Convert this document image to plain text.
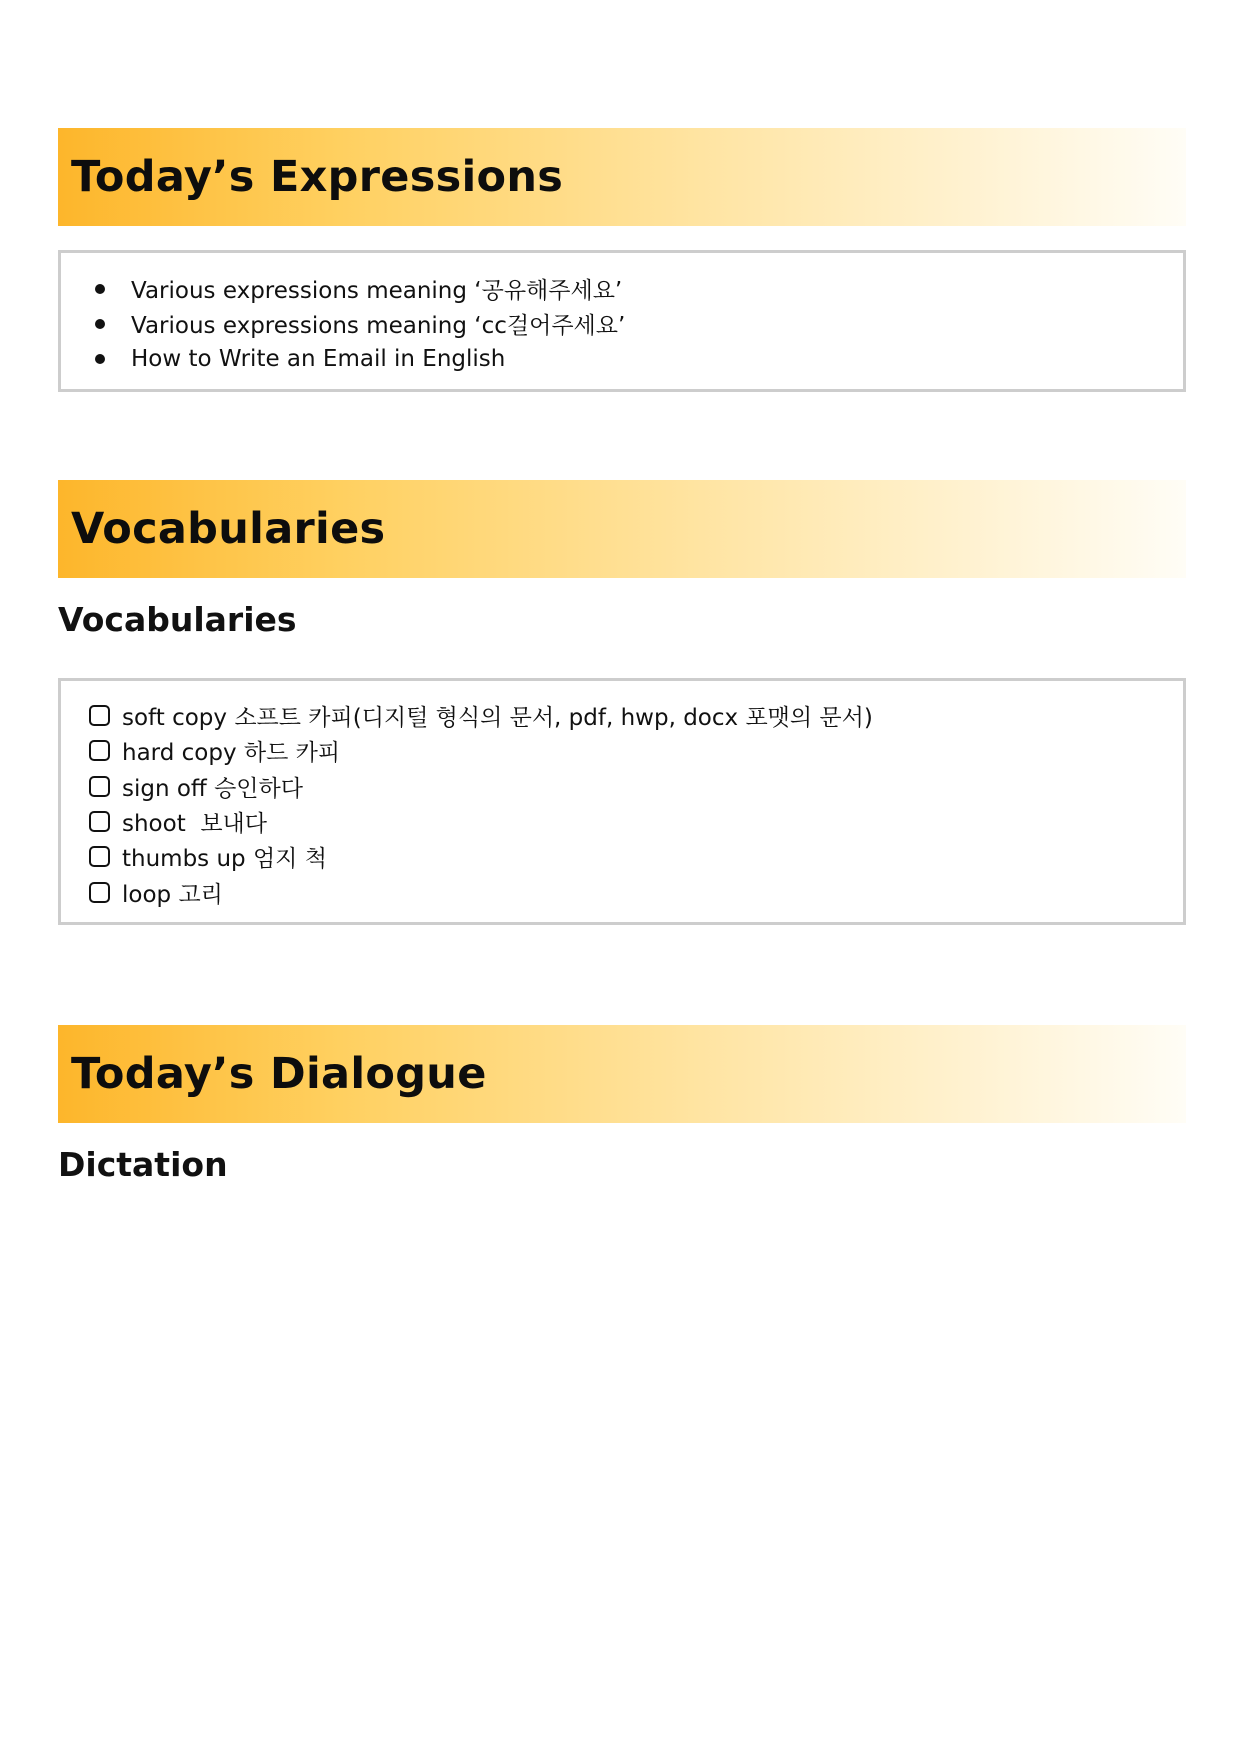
Today’s Expressions
Various expressions meaning ‘공유해주세요’
Various expressions meaning ‘cc걸어주세요’
How to Write an Email in English
Vocabularies
Vocabularies
soft copy 소프트 카피(디지털 형식의 문서, pdf, hwp, docx 포맷의 문서)
hard copy 하드 카피
sign off 승인하다
shoot  보내다
thumbs up 엄지 척
loop 고리
Today’s Dialogue
Dictation
